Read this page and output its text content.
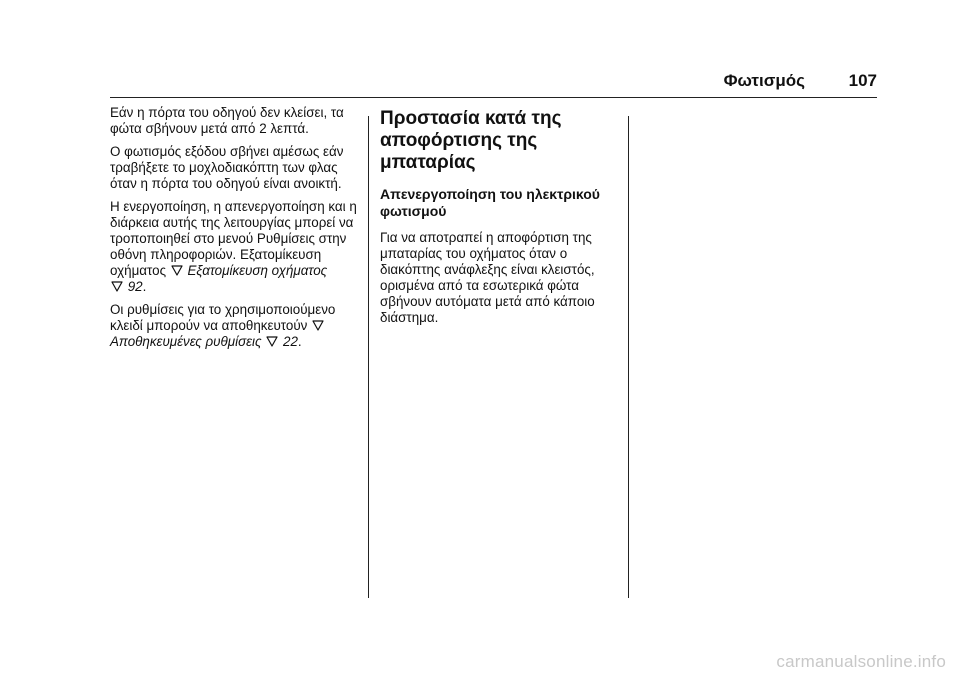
Φωτισμός	107

Εάν η πόρτα του οδηγού δεν κλείσει, τα φώτα σβήνουν μετά από 2 λεπτά.

Ο φωτισμός εξόδου σβήνει αμέσως εάν τραβήξετε το μοχλοδιακόπτη των φλας όταν η πόρτα του οδηγού είναι ανοικτή.

Η ενεργοποίηση, η απενεργοποίηση και η διάρκεια αυτής της λειτουργίας μπορεί να τροποποιηθεί στο μενού Ρυθμίσεις στην οθόνη πληροφοριών. Εξατομίκευση οχήματος Εξατομίκευση οχήματος

92.

Οι ρυθμίσεις για το χρησιμοποιούμενο κλειδί μπορούν να αποθηκευτούν
Αποθηκευμένες ρυθμίσεις 22.

Προστασία κατά της αποφόρτισης της μπαταρίας
Απενεργοποίηση του ηλεκτρικού φωτισμού

Για να αποτραπεί η αποφόρτιση της μπαταρίας του οχήματος όταν ο διακόπτης ανάφλεξης είναι κλειστός, ορισμένα από τα εσωτερικά φώτα σβήνουν αυτόματα μετά από κάποιο διάστημα.

carmanualsonline.info
